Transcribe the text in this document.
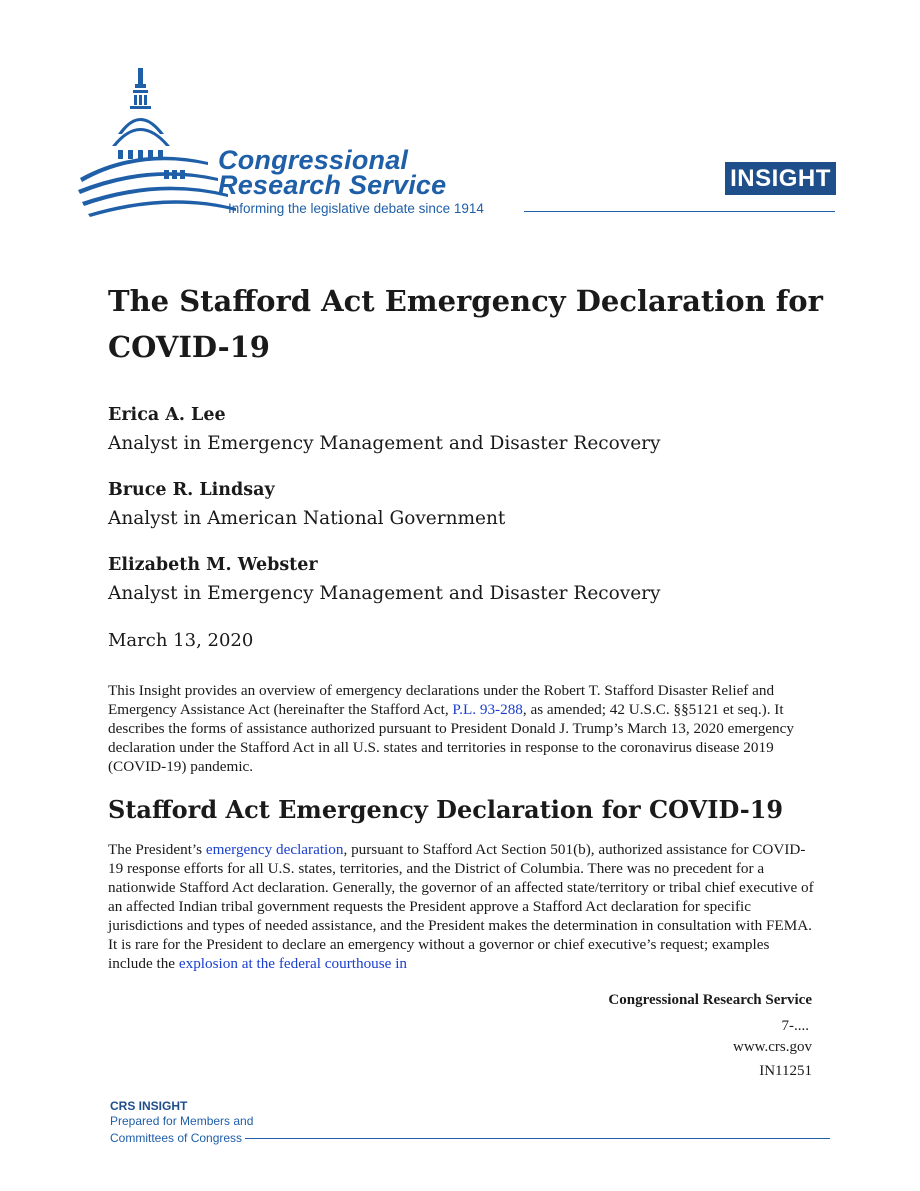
Congressional
Research Service
Informing the legislative debate since 1914
INSIGHT
The Stafford Act Emergency Declaration for COVID-19
Erica A. Lee
Analyst in Emergency Management and Disaster Recovery
Bruce R. Lindsay
Analyst in American National Government
Elizabeth M. Webster
Analyst in Emergency Management and Disaster Recovery
March 13, 2020

This Insight provides an overview of emergency declarations under the Robert T. Stafford Disaster Relief and Emergency Assistance Act (hereinafter the Stafford Act, P.L. 93-288, as amended; 42 U.S.C. §§5121 et seq.). It describes the forms of assistance authorized pursuant to President Donald J. Trump’s March 13, 2020 emergency declaration under the Stafford Act in all U.S. states and territories in response to the coronavirus disease 2019 (COVID-19) pandemic.

Stafford Act Emergency Declaration for COVID-19

The President’s emergency declaration, pursuant to Stafford Act Section 501(b), authorized assistance for COVID-19 response efforts for all U.S. states, territories, and the District of Columbia. There was no precedent for a nationwide Stafford Act declaration. Generally, the governor of an affected state/territory or tribal chief executive of an affected Indian tribal government requests the President approve a Stafford Act declaration for specific jurisdictions and types of needed assistance, and the President makes the determination in consultation with FEMA. It is rare for the President to declare an emergency without a governor or chief executive’s request; examples include the explosion at the federal courthouse in

Congressional Research Service
7-....
www.crs.gov
IN11251
CRS INSIGHT
Prepared for Members and
Committees of Congress
